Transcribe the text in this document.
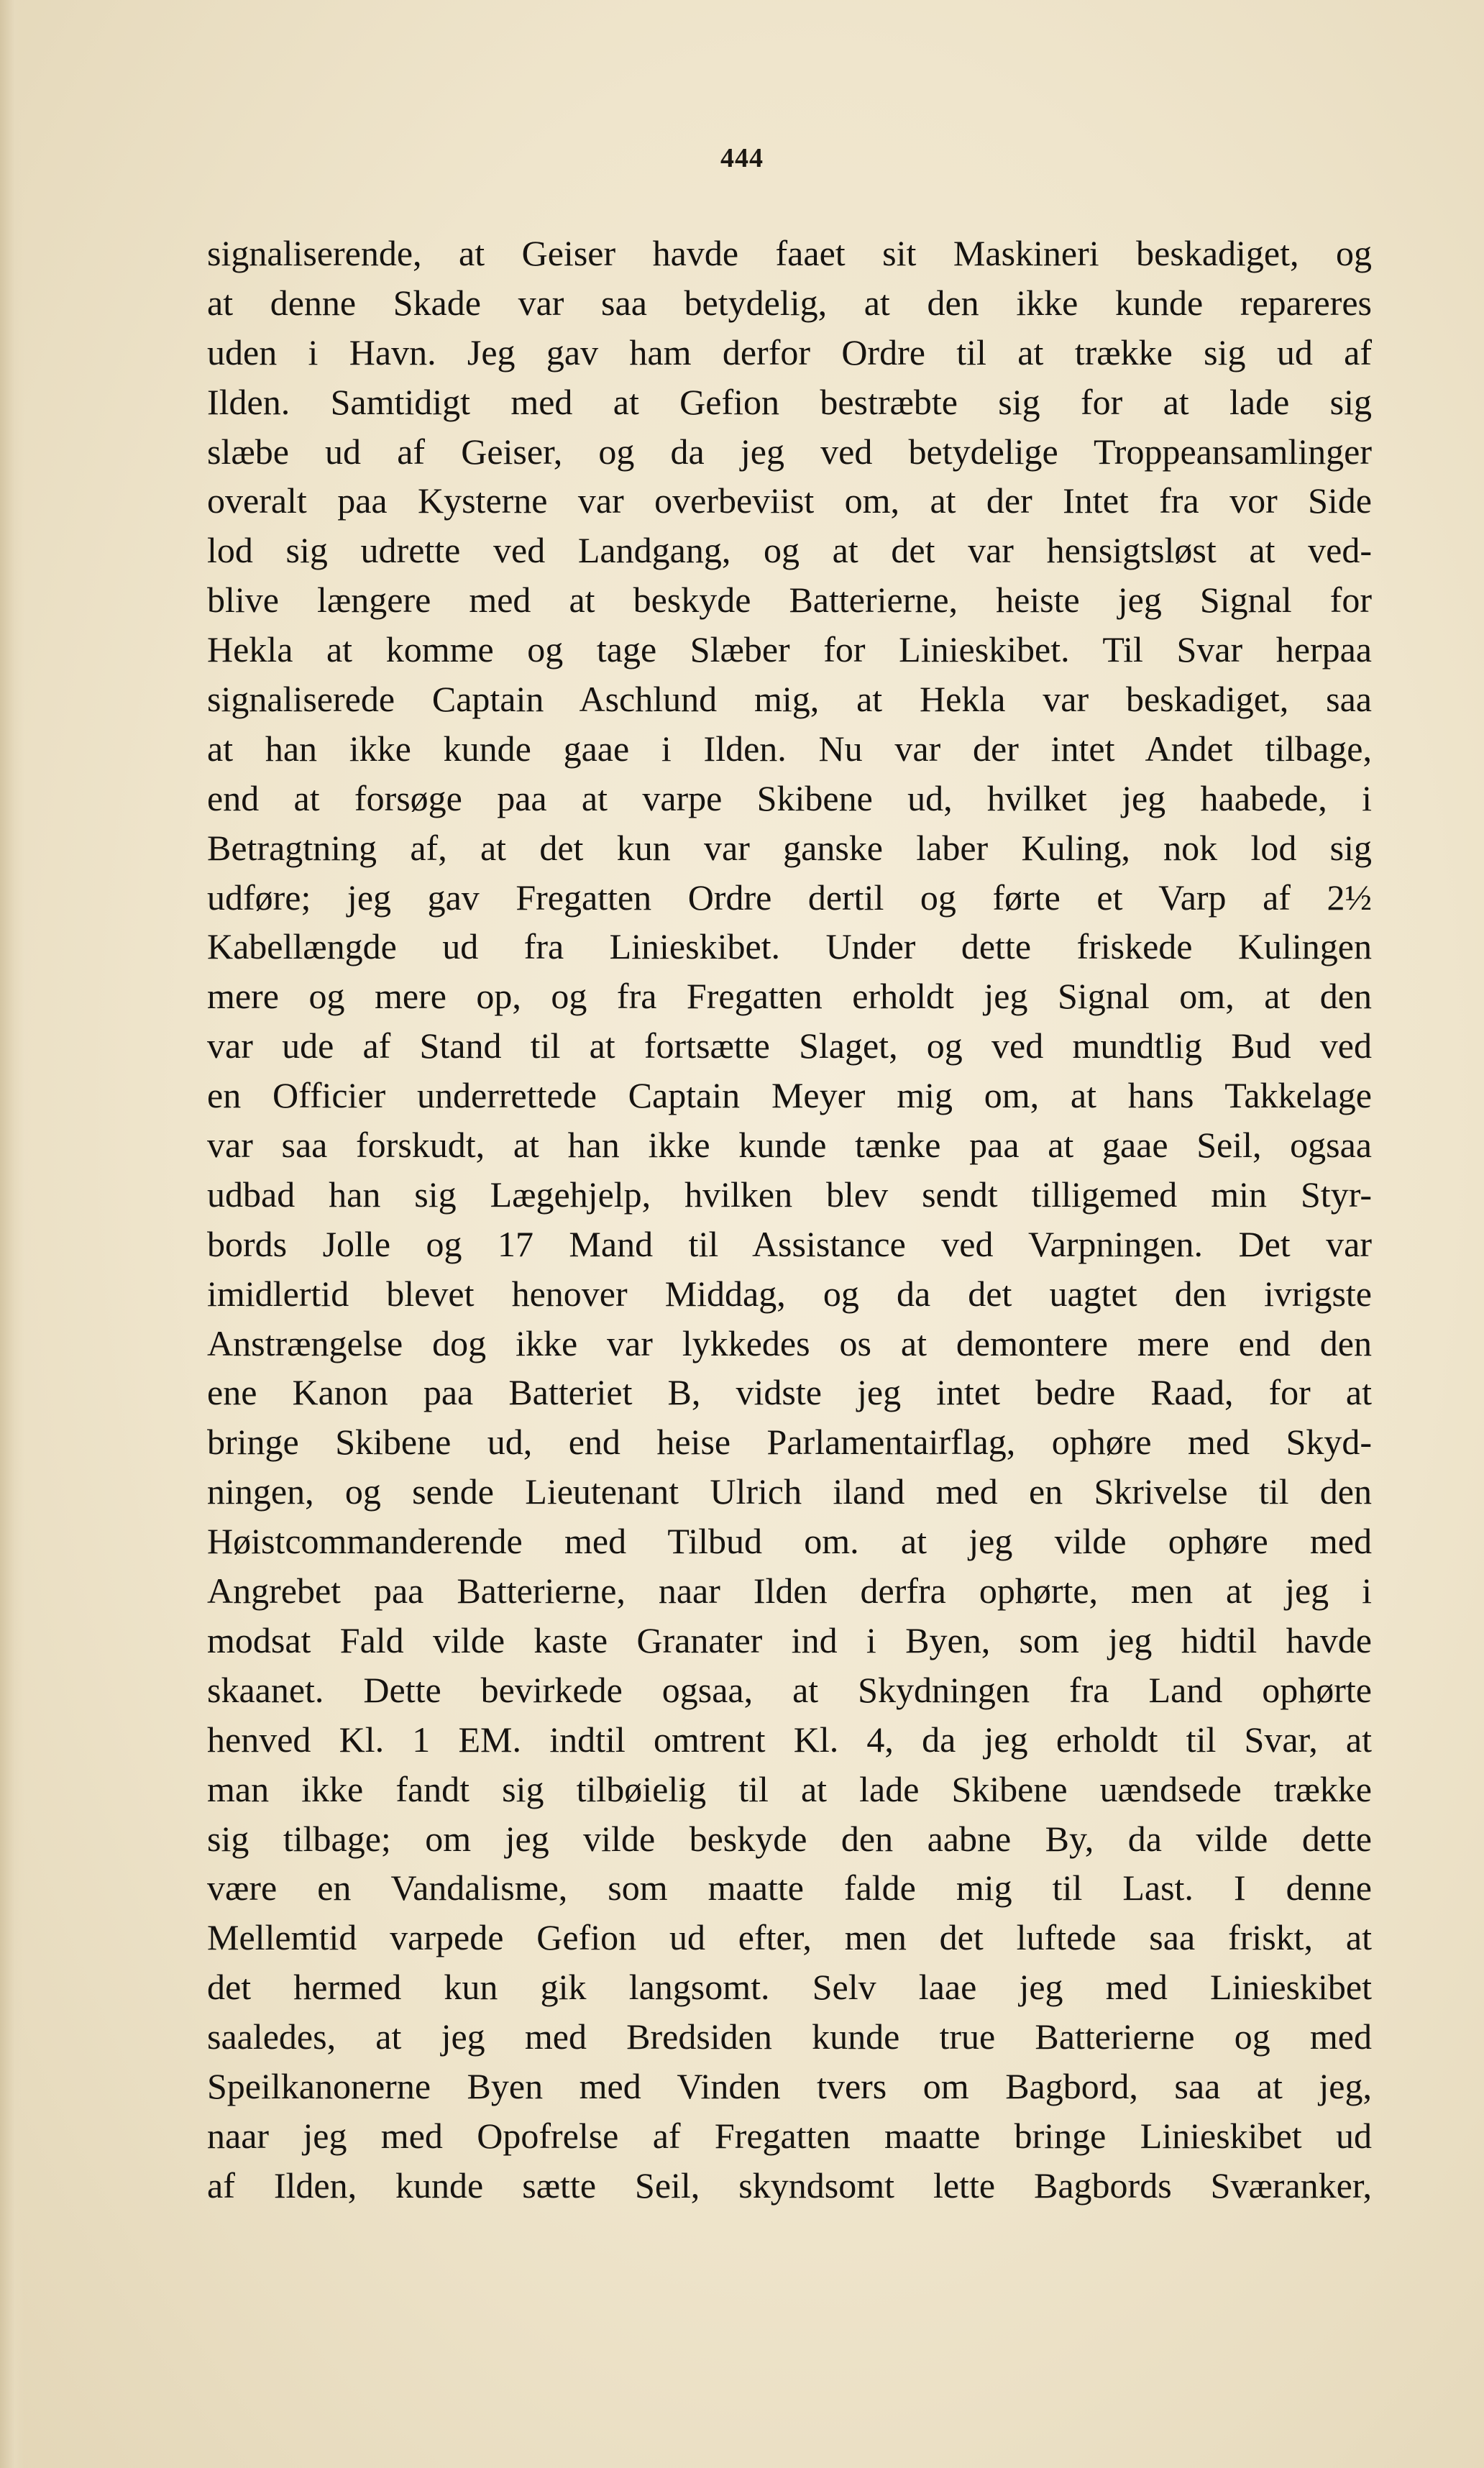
444
signaliserende, at Geiser havde faaet sit Maskineri beskadiget, og
at denne Skade var saa betydelig, at den ikke kunde repareres
uden i Havn. Jeg gav ham derfor Ordre til at trække sig ud af
Ilden. Samtidigt med at Gefion bestræbte sig for at lade sig
slæbe ud af Geiser, og da jeg ved betydelige Troppeansamlinger
overalt paa Kysterne var overbeviist om, at der Intet fra vor Side
lod sig udrette ved Landgang, og at det var hensigtsløst at ved-
blive længere med at beskyde Batterierne, heiste jeg Signal for
Hekla at komme og tage Slæber for Linieskibet. Til Svar herpaa
signaliserede Captain Aschlund mig, at Hekla var beskadiget, saa
at han ikke kunde gaae i Ilden. Nu var der intet Andet tilbage,
end at forsøge paa at varpe Skibene ud, hvilket jeg haabede, i
Betragtning af, at det kun var ganske laber Kuling, nok lod sig
udføre; jeg gav Fregatten Ordre dertil og førte et Varp af 2½
Kabellængde ud fra Linieskibet. Under dette friskede Kulingen
mere og mere op, og fra Fregatten erholdt jeg Signal om, at den
var ude af Stand til at fortsætte Slaget, og ved mundtlig Bud ved
en Officier underrettede Captain Meyer mig om, at hans Takkelage
var saa forskudt, at han ikke kunde tænke paa at gaae Seil, ogsaa
udbad han sig Lægehjelp, hvilken blev sendt tilligemed min Styr-
bords Jolle og 17 Mand til Assistance ved Varpningen. Det var
imidlertid blevet henover Middag, og da det uagtet den ivrigste
Anstrængelse dog ikke var lykkedes os at demontere mere end den
ene Kanon paa Batteriet B, vidste jeg intet bedre Raad, for at
bringe Skibene ud, end heise Parlamentairflag, ophøre med Skyd-
ningen, og sende Lieutenant Ulrich iland med en Skrivelse til den
Høistcommanderende med Tilbud om. at jeg vilde ophøre med
Angrebet paa Batterierne, naar Ilden derfra ophørte, men at jeg i
modsat Fald vilde kaste Granater ind i Byen, som jeg hidtil havde
skaanet. Dette bevirkede ogsaa, at Skydningen fra Land ophørte
henved Kl. 1 EM. indtil omtrent Kl. 4, da jeg erholdt til Svar, at
man ikke fandt sig tilbøielig til at lade Skibene uændsede trække
sig tilbage; om jeg vilde beskyde den aabne By, da vilde dette
være en Vandalisme, som maatte falde mig til Last. I denne
Mellemtid varpede Gefion ud efter, men det luftede saa friskt, at
det hermed kun gik langsomt. Selv laae jeg med Linieskibet
saaledes, at jeg med Bredsiden kunde true Batterierne og med
Speilkanonerne Byen med Vinden tvers om Bagbord, saa at jeg,
naar jeg med Opofrelse af Fregatten maatte bringe Linieskibet ud
af Ilden, kunde sætte Seil, skyndsomt lette Bagbords Sværanker,
